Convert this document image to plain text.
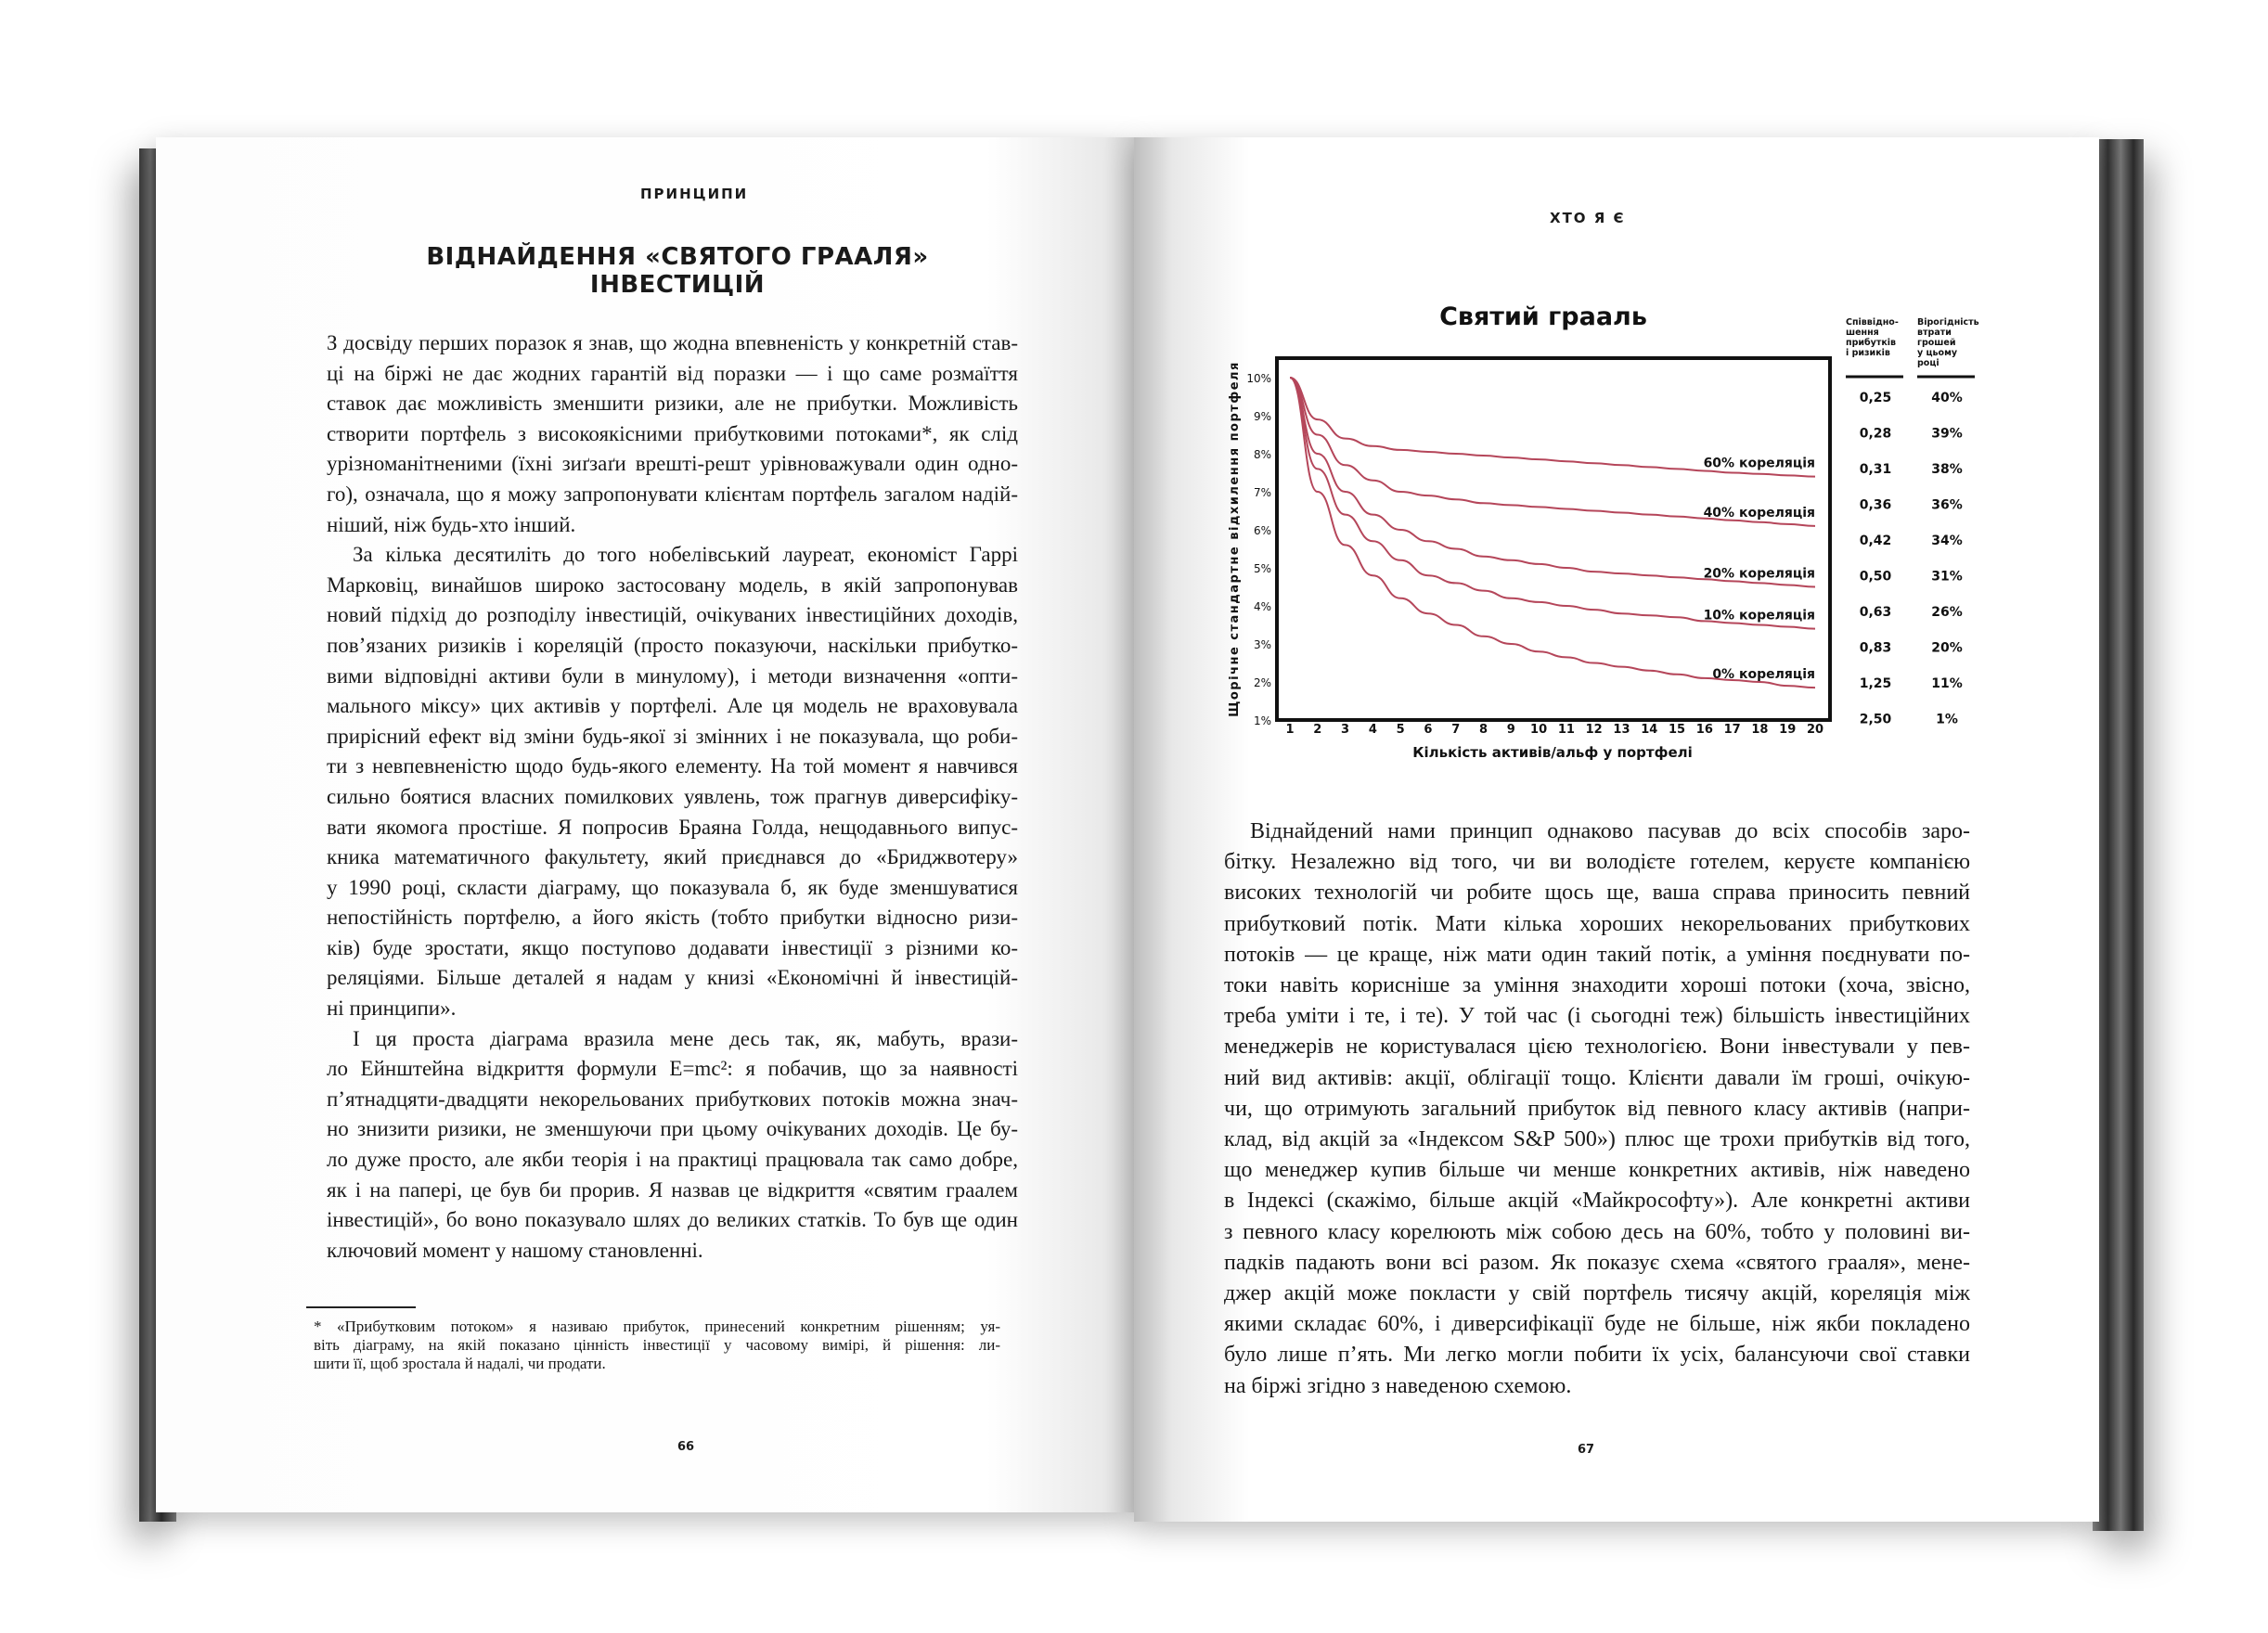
ПРИНЦИПИ
ВІДНАЙДЕННЯ «СВЯТОГО ГРААЛЯ»
ІНВЕСТИЦІЙ
З досвіду перших поразок я знав, що жодна впевненість у конкретній став-
ці на біржі не дає жодних гарантій від поразки — і що саме розмаїття
ставок дає можливість зменшити ризики, але не прибутки. Можливість
створити портфель з високоякісними прибутковими потоками*, як слід
урізноманітненими (їхні зиґзаґи врешті-решт урівноважували один одно-
го), означала, що я можу запропонувати клієнтам портфель загалом надій-
ніший, ніж будь-хто інший.
За кілька десятиліть до того нобелівський лауреат, економіст Гаррі
Марковіц, винайшов широко застосовану модель, в якій запропонував
новий підхід до розподілу інвестицій, очікуваних інвестиційних доходів,
пов’язаних ризиків і кореляцій (просто показуючи, наскільки прибутко-
вими відповідні активи були в минулому), і методи визначення «опти-
мального міксу» цих активів у портфелі. Але ця модель не враховувала
прирісний ефект від зміни будь-якої зі змінних і не показувала, що роби-
ти з невпевненістю щодо будь-якого елементу. На той момент я навчився
сильно боятися власних помилкових уявлень, тож прагнув диверсифіку-
вати якомога простіше. Я попросив Браяна Голда, нещодавнього випус-
кника математичного факультету, який приєднався до «Бриджвотеру»
у 1990 році, скласти діаграму, що показувала б, як буде зменшуватися
непостійність портфелю, а його якість (тобто прибутки відносно ризи-
ків) буде зростати, якщо поступово додавати інвестиції з різними ко-
реляціями. Більше деталей я надам у книзі «Економічні й інвестицій-
ні принципи».
І ця проста діаграма вразила мене десь так, як, мабуть, врази-
ло Ейнштейна відкриття формули E=mc²: я побачив, що за наявності
п’ятнадцяти-двадцяти некорельованих прибуткових потоків можна знач-
но знизити ризики, не зменшуючи при цьому очікуваних доходів. Це бу-
ло дуже просто, але якби теорія і на практиці працювала так само добре,
як і на папері, це був би прорив. Я назвав це відкриття «святим граалем
інвестицій», бо воно показувало шлях до великих статків. То був ще один
ключовий момент у нашому становленні.
* «Прибутковим потоком» я називаю прибуток, принесений конкретним рішенням; уя-
віть діаграму, на якій показано цінність інвестиції у часовому вимірі, й рішення: ли-
шити її, щоб зростала й надалі, чи продати.
66
ХТО Я Є
Святий грааль
Щорічне стандартне відхилення портфеля
Кількість активів/альф у портфелі
1%
2%
3%
4%
5%
6%
7%
8%
9%
10%
1 2 3 4 5 6 7 8 9 10 11 12 13 14 15 16 17 18 19 20
60% кореляція
40% кореляція
20% кореляція
10% кореляція
0% кореляція
Співвідно-
шення
прибутків
і ризиків
Вірогідність
втрати
грошей
у цьому
році
0,25	40%
0,28	39%
0,31	38%
0,36	36%
0,42	34%
0,50	31%
0,63	26%
0,83	20%
1,25	11%
2,50	1%
Віднайдений нами принцип однаково пасував до всіх способів заро-
бітку. Незалежно від того, чи ви володієте готелем, керуєте компанією
високих технологій чи робите щось ще, ваша справа приносить певний
прибутковий потік. Мати кілька хороших некорельованих прибуткових
потоків — це краще, ніж мати один такий потік, а уміння поєднувати по-
токи навіть корисніше за уміння знаходити хороші потоки (хоча, звісно,
треба уміти і те, і те). У той час (і сьогодні теж) більшість інвестиційних
менеджерів не користувалася цією технологією. Вони інвестували у пев-
ний вид активів: акції, облігації тощо. Клієнти давали їм гроші, очікую-
чи, що отримують загальний прибуток від певного класу активів (напри-
клад, від акцій за «Індексом S&P 500») плюс ще трохи прибутків від того,
що менеджер купив більше чи менше конкретних активів, ніж наведено
в Індексі (скажімо, більше акцій «Майкрософту»). Але конкретні активи
з певного класу корелюють між собою десь на 60%, тобто у половині ви-
падків падають вони всі разом. Як показує схема «святого грааля», мене-
джер акцій може покласти у свій портфель тисячу акцій, кореляція між
якими складає 60%, і диверсифікації буде не більше, ніж якби покладено
було лише п’ять. Ми легко могли побити їх усіх, балансуючи свої ставки
на біржі згідно з наведеною схемою.
67
